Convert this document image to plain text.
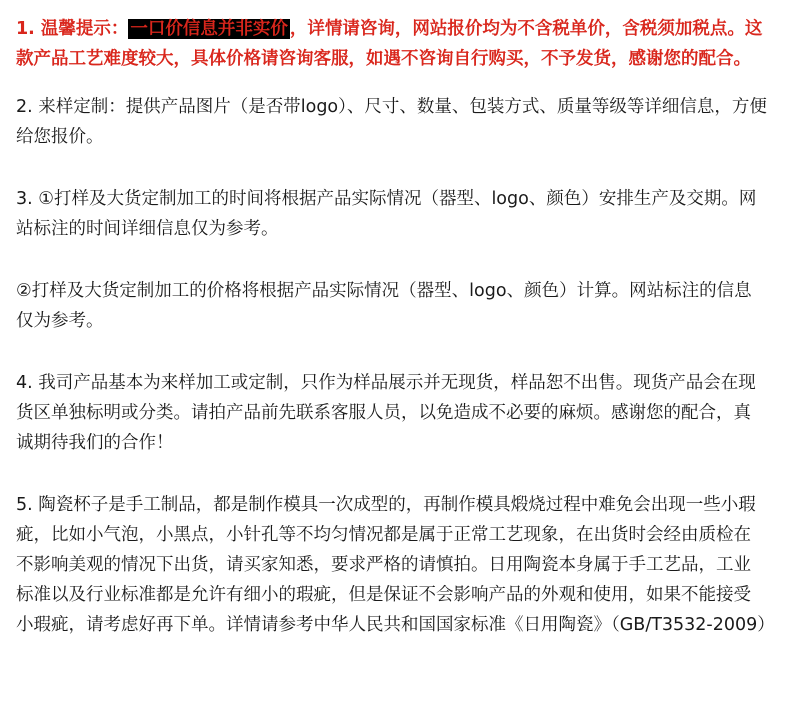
1. 温馨提示： 一口价信息并非实价 ，详情请咨询，网站报价均为不含税单价，含税须加税点。这款产品工艺难度较大，具体价格请咨询客服，如遇不咨询自行购买，不予发货，感谢您的配合。

2. 来样定制：提供产品图片（是否带logo）、尺寸、数量、包装方式、质量等级等详细信息，方便给您报价。

3. ①打样及大货定制加工的时间将根据产品实际情况（器型、logo、颜色）安排生产及交期。网站标注的时间详细信息仅为参考。

②打样及大货定制加工的价格将根据产品实际情况（器型、logo、颜色）计算。网站标注的信息仅为参考。

4. 我司产品基本为来样加工或定制，只作为样品展示并无现货，样品恕不出售。现货产品会在现货区单独标明或分类。请拍产品前先联系客服人员，以免造成不必要的麻烦。感谢您的配合，真诚期待我们的合作！

5. 陶瓷杯子是手工制品，都是制作模具一次成型的，再制作模具煅烧过程中难免会出现一些小瑕疵，比如小气泡，小黑点，小针孔等不均匀情况都是属于正常工艺现象，在出货时会经由质检在不影响美观的情况下出货，请买家知悉，要求严格的请慎拍。日用陶瓷本身属于手工艺品，工业标准以及行业标准都是允许有细小的瑕疵，但是保证不会影响产品的外观和使用，如果不能接受小瑕疵，请考虑好再下单。详情请参考中华人民共和国国家标准《日用陶瓷》（GB/T3532-2009）
